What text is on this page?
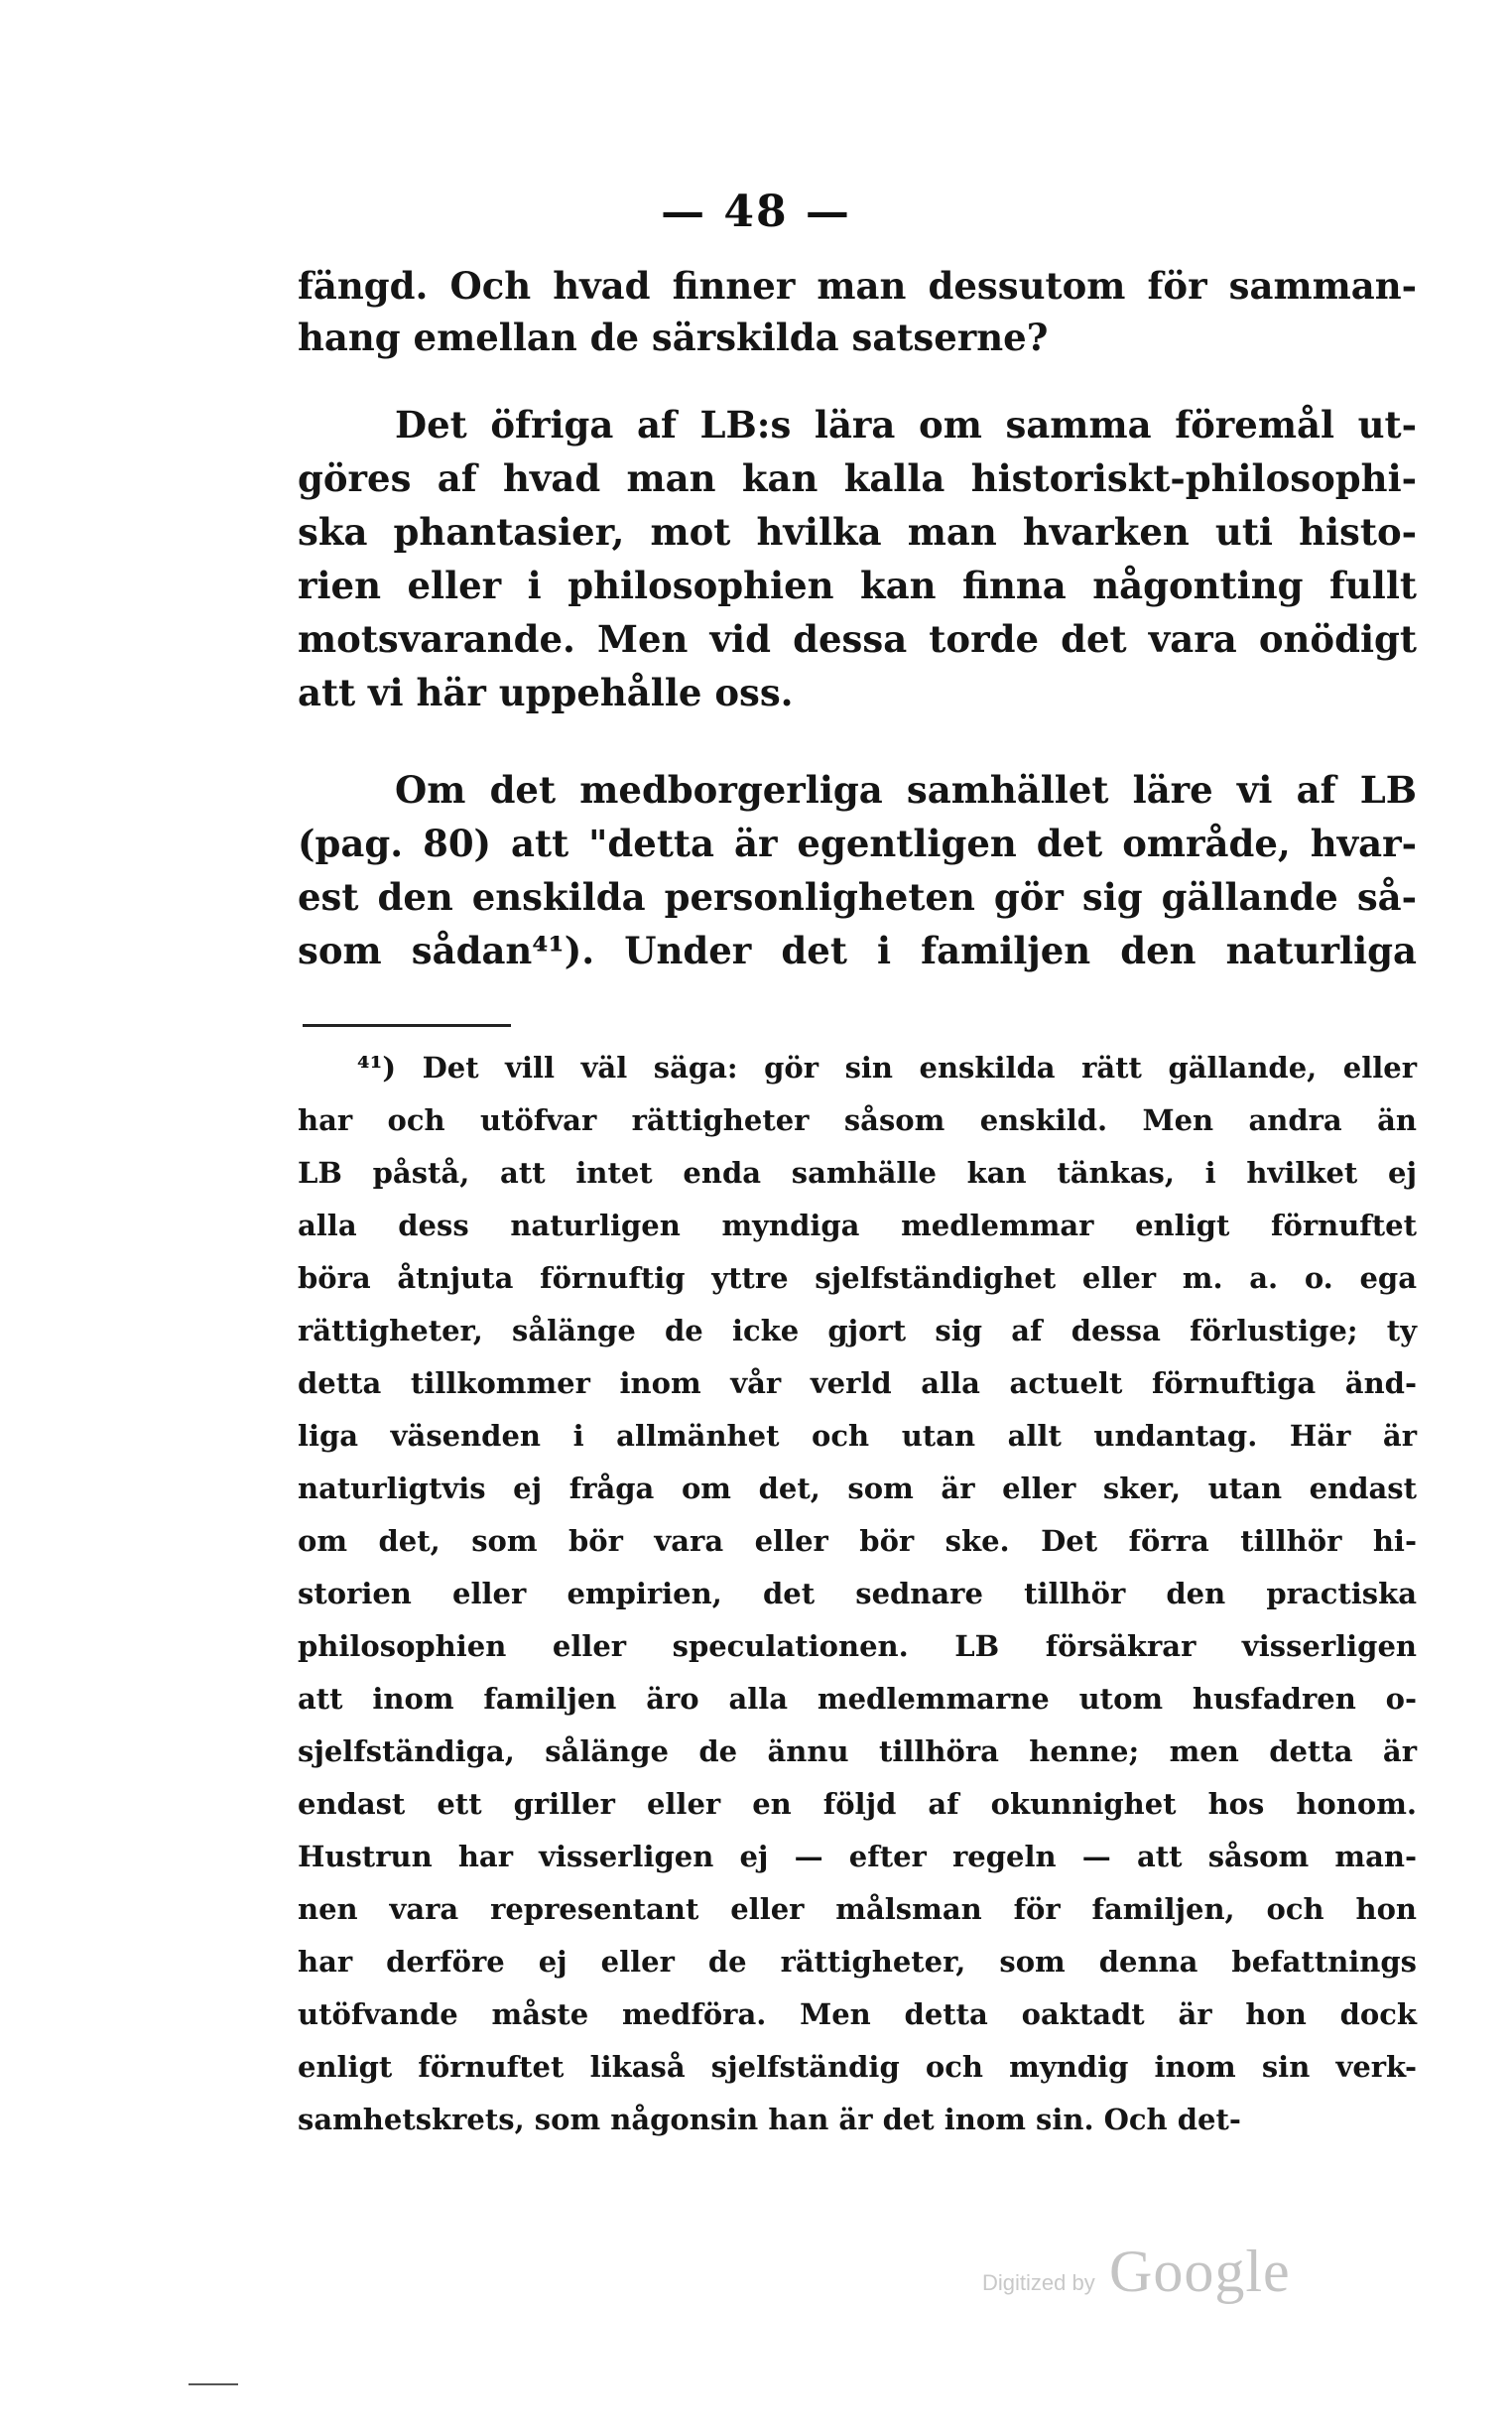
— 48 —
fängd. Och hvad finner man dessutom för samman-
hang emellan de särskilda satserne?
Det öfriga af LB:s lära om samma föremål ut-
göres af hvad man kan kalla historiskt-philosophi-
ska phantasier, mot hvilka man hvarken uti histo-
rien eller i philosophien kan finna någonting fullt
motsvarande. Men vid dessa torde det vara onödigt
att vi här uppehålle oss.
Om det medborgerliga samhället läre vi af LB
(pag. 80) att "detta är egentligen det område, hvar-
est den enskilda personligheten gör sig gällande så-
som sådan⁴¹). Under det i familjen den naturliga
⁴¹) Det vill väl säga: gör sin enskilda rätt gällande, eller
har och utöfvar rättigheter såsom enskild. Men andra än
LB påstå, att intet enda samhälle kan tänkas, i hvilket ej
alla dess naturligen myndiga medlemmar enligt förnuftet
böra åtnjuta förnuftig yttre sjelfständighet eller m. a. o. ega
rättigheter, sålänge de icke gjort sig af dessa förlustige; ty
detta tillkommer inom vår verld alla actuelt förnuftiga änd-
liga väsenden i allmänhet och utan allt undantag. Här är
naturligtvis ej fråga om det, som är eller sker, utan endast
om det, som bör vara eller bör ske. Det förra tillhör hi-
storien eller empirien, det sednare tillhör den practiska
philosophien eller speculationen. LB försäkrar visserligen
att inom familjen äro alla medlemmarne utom husfadren o-
sjelfständiga, sålänge de ännu tillhöra henne; men detta är
endast ett griller eller en följd af okunnighet hos honom.
Hustrun har visserligen ej — efter regeln — att såsom man-
nen vara representant eller målsman för familjen, och hon
har derföre ej eller de rättigheter, som denna befattnings
utöfvande måste medföra. Men detta oaktadt är hon dock
enligt förnuftet likaså sjelfständig och myndig inom sin verk-
samhetskrets, som någonsin han är det inom sin. Och det-
Digitized by Google
